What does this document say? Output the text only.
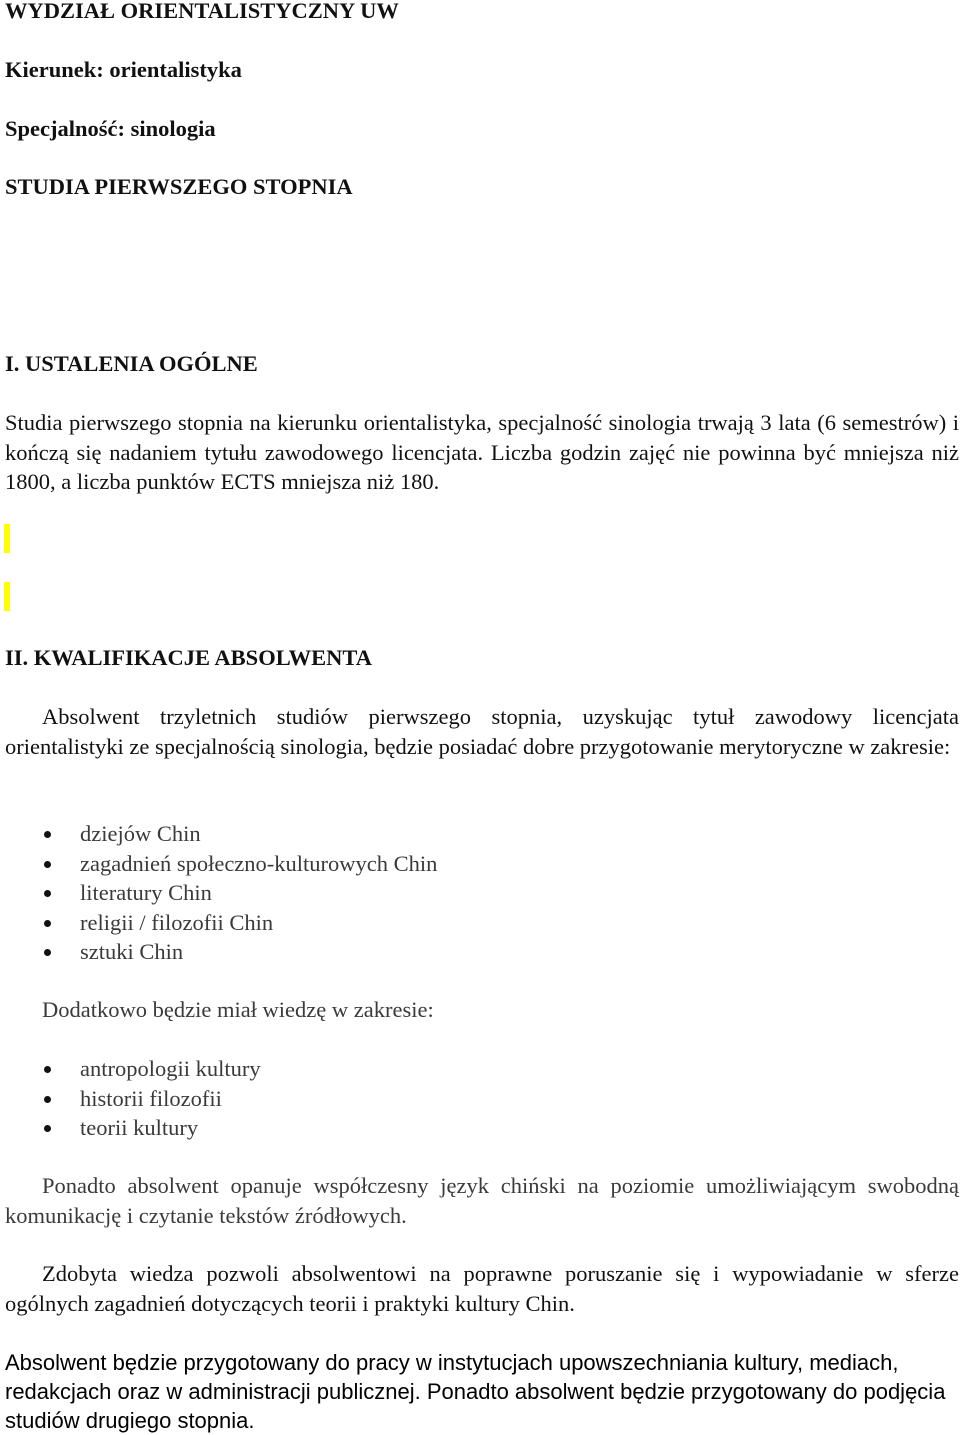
WYDZIAŁ ORIENTALISTYCZNY UW
Kierunek: orientalistyka
Specjalność: sinologia
STUDIA PIERWSZEGO STOPNIA
I. USTALENIA OGÓLNE
Studia pierwszego stopnia na kierunku orientalistyka, specjalność sinologia trwają 3 lata (6 semestrów) i kończą się nadaniem tytułu zawodowego licencjata. Liczba godzin zajęć nie powinna być mniejsza niż 1800, a liczba punktów ECTS mniejsza niż 180.
II. KWALIFIKACJE ABSOLWENTA
Absolwent trzyletnich studiów pierwszego stopnia, uzyskując tytuł zawodowy licencjata orientalistyki ze specjalnością sinologia, będzie posiadać dobre przygotowanie merytoryczne w zakresie:
dziejów Chin
zagadnień społeczno-kulturowych Chin
literatury Chin
religii / filozofii Chin
sztuki Chin
Dodatkowo będzie miał wiedzę w zakresie:
antropologii kultury
historii filozofii
teorii kultury
Ponadto absolwent opanuje współczesny język chiński na poziomie umożliwiającym swobodną komunikację i czytanie tekstów źródłowych.
Zdobyta wiedza pozwoli absolwentowi na poprawne poruszanie się i wypowiadanie w sferze ogólnych zagadnień dotyczących teorii i praktyki kultury Chin.
Absolwent będzie przygotowany do pracy w instytucjach upowszechniania kultury, mediach, redakcjach oraz w administracji publicznej. Ponadto absolwent będzie przygotowany do podjęcia studiów drugiego stopnia.
